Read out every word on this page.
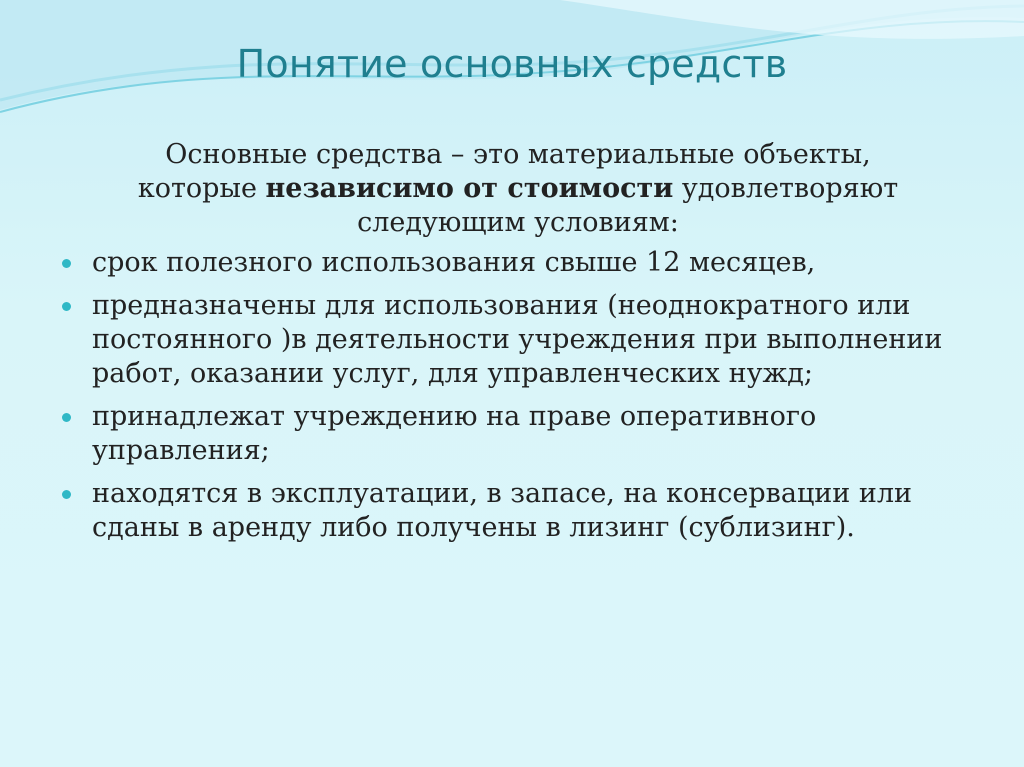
Понятие основных средств
Основные средства – это материальные объекты,
которые независимо от стоимости удовлетворяют
следующим условиям:
срок полезного использования свыше 12 месяцев,
предназначены для использования (неоднократного или постоянного )в деятельности учреждения при выполнении работ, оказании услуг, для управленческих нужд;
принадлежат учреждению на праве оперативного управления;
находятся в эксплуатации, в запасе, на консервации или сданы в аренду либо получены в лизинг (сублизинг).
